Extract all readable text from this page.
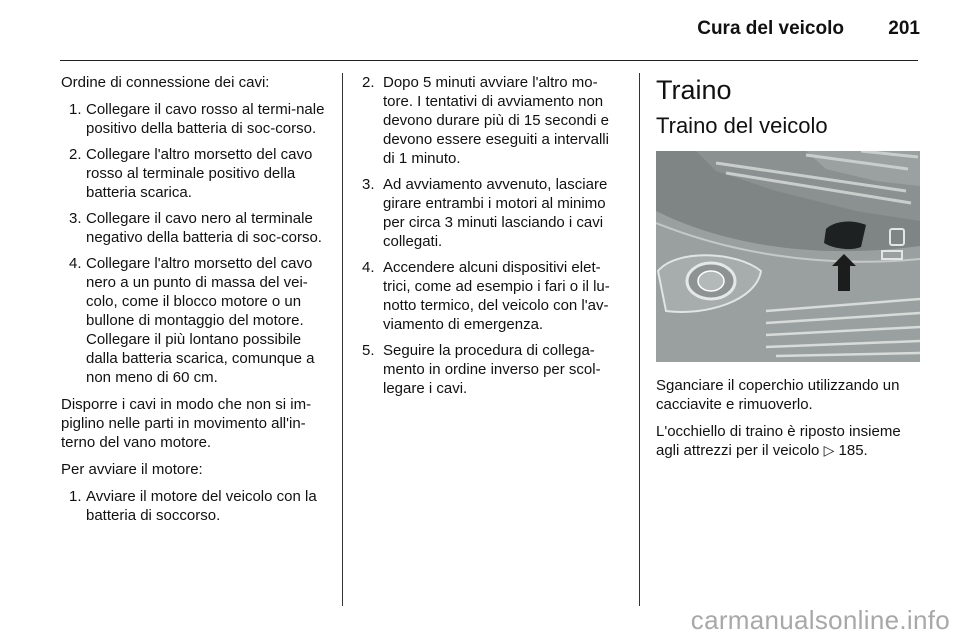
Cura del veicolo 201

Ordine di connessione dei cavi:

1. Collegare il cavo rosso al termi-nale positivo della batteria di soc-corso.
2. Collegare l'altro morsetto del cavo rosso al terminale positivo della batteria scarica.
3. Collegare il cavo nero al terminale negativo della batteria di soc-corso.
4. Collegare l'altro morsetto del cavo nero a un punto di massa del vei-colo, come il blocco motore o un bullone di montaggio del motore. Collegare il più lontano possibile dalla batteria scarica, comunque a non meno di 60 cm.

Disporre i cavi in modo che non si im-piglino nelle parti in movimento all'in-terno del vano motore.

Per avviare il motore:

1. Avviare il motore del veicolo con la batteria di soccorso.
2. Dopo 5 minuti avviare l'altro mo-tore. I tentativi di avviamento non devono durare più di 15 secondi e devono essere eseguiti a intervalli di 1 minuto.
3. Ad avviamento avvenuto, lasciare girare entrambi i motori al minimo per circa 3 minuti lasciando i cavi collegati.
4. Accendere alcuni dispositivi elet-trici, come ad esempio i fari o il lu-notto termico, del veicolo con l'av-viamento di emergenza.
5. Seguire la procedura di collega-mento in ordine inverso per scol-legare i cavi.
Traino
Traino del veicolo

Sganciare il coperchio utilizzando un cacciavite e rimuoverlo.

L'occhiello di traino è riposto insieme agli attrezzi per il veicolo ▷ 185.

carmanualsonline.info
